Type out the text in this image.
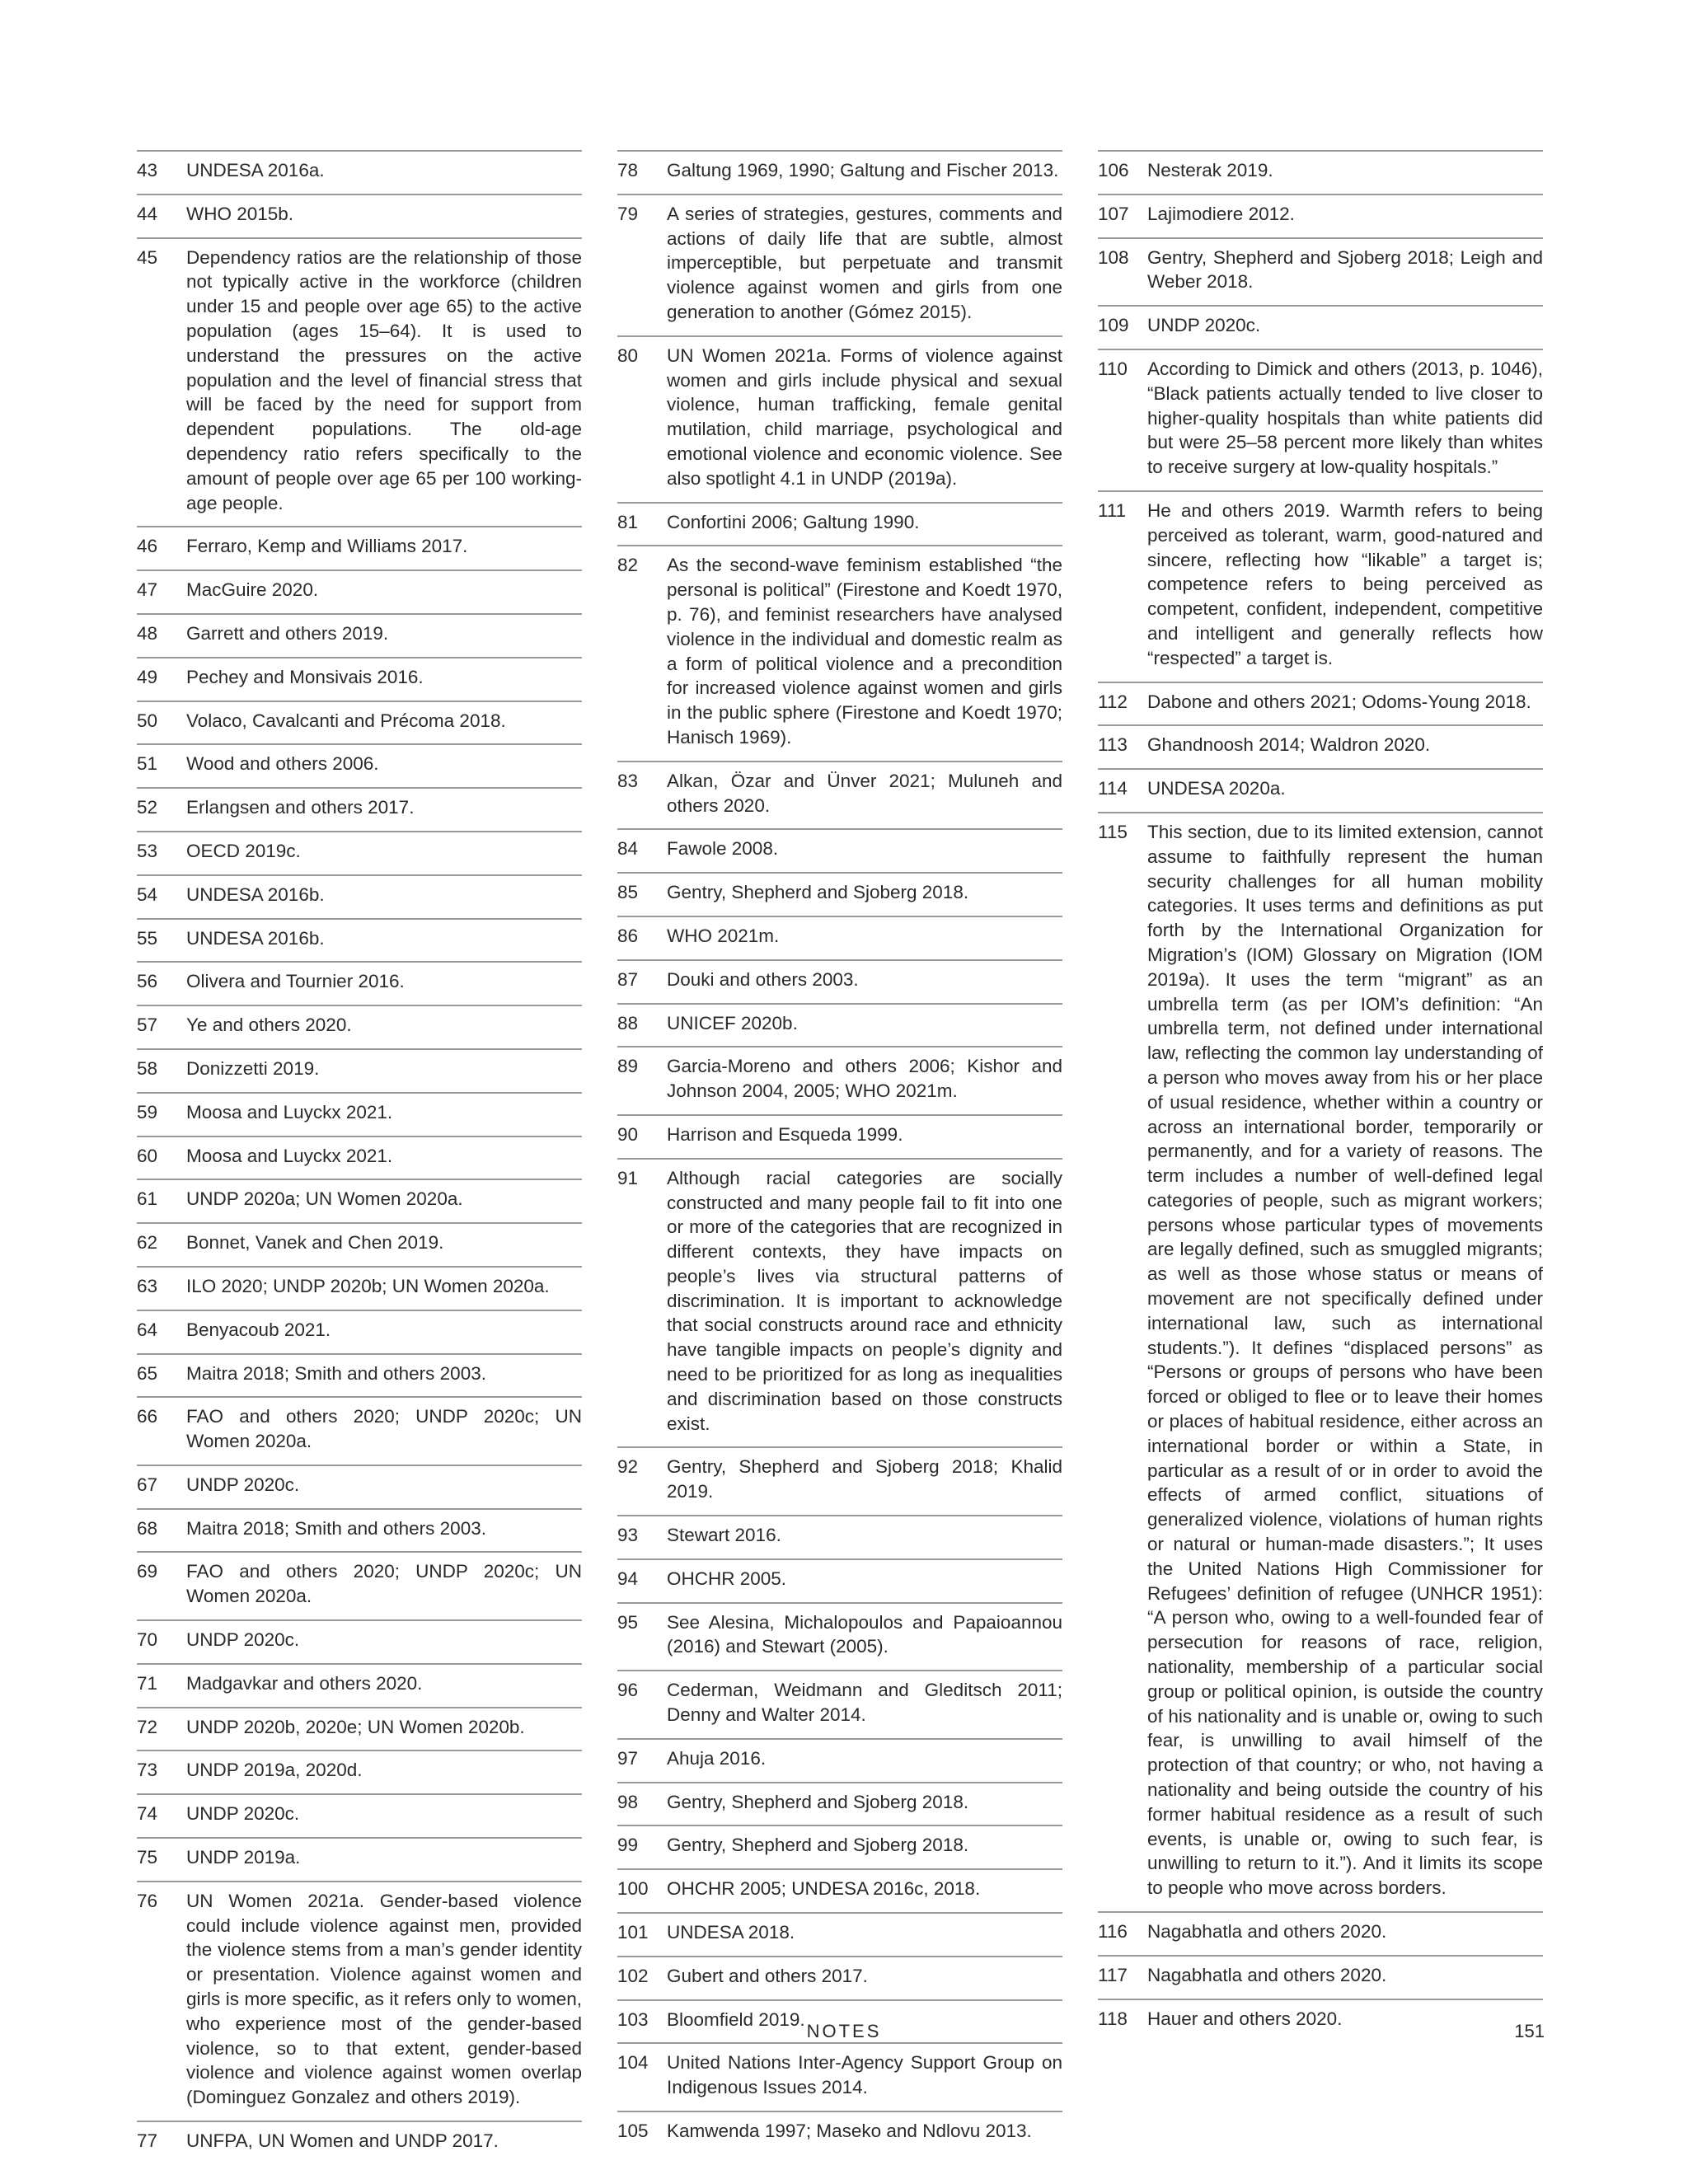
43	UNDESA 2016a.
44	WHO 2015b.
45	Dependency ratios are the relationship of those not typically active in the workforce (children under 15 and people over age 65) to the active population (ages 15–64). It is used to understand the pressures on the active population and the level of financial stress that will be faced by the need for support from dependent populations. The old-age dependency ratio refers specifically to the amount of people over age 65 per 100 working-age people.
46	Ferraro, Kemp and Williams 2017.
47	MacGuire 2020.
48	Garrett and others 2019.
49	Pechey and Monsivais 2016.
50	Volaco, Cavalcanti and Précoma 2018.
51	Wood and others 2006.
52	Erlangsen and others 2017.
53	OECD 2019c.
54	UNDESA 2016b.
55	UNDESA 2016b.
56	Olivera and Tournier 2016.
57	Ye and others 2020.
58	Donizzetti 2019.
59	Moosa and Luyckx 2021.
60	Moosa and Luyckx 2021.
61	UNDP 2020a; UN Women 2020a.
62	Bonnet, Vanek and Chen 2019.
63	ILO 2020; UNDP 2020b; UN Women 2020a.
64	Benyacoub 2021.
65	Maitra 2018; Smith and others 2003.
66	FAO and others 2020; UNDP 2020c; UN Women 2020a.
67	UNDP 2020c.
68	Maitra 2018; Smith and others 2003.
69	FAO and others 2020; UNDP 2020c; UN Women 2020a.
70	UNDP 2020c.
71	Madgavkar and others 2020.
72	UNDP 2020b, 2020e; UN Women 2020b.
73	UNDP 2019a, 2020d.
74	UNDP 2020c.
75	UNDP 2019a.
76	UN Women 2021a. Gender-based violence could include violence against men, provided the violence stems from a man’s gender identity or presentation. Violence against women and girls is more specific, as it refers only to women, who experience most of the gender-based violence, so to that extent, gender-based violence and violence against women overlap (Dominguez Gonzalez and others 2019).
77	UNFPA, UN Women and UNDP 2017.
78	Galtung 1969, 1990; Galtung and Fischer 2013.
79	A series of strategies, gestures, comments and actions of daily life that are subtle, almost imperceptible, but perpetuate and transmit violence against women and girls from one generation to another (Gómez 2015).
80	UN Women 2021a. Forms of violence against women and girls include physical and sexual violence, human trafficking, female genital mutilation, child marriage, psychological and emotional violence and economic violence. See also spotlight 4.1 in UNDP (2019a).
81	Confortini 2006; Galtung 1990.
82	As the second-wave feminism established “the personal is political” (Firestone and Koedt 1970, p. 76), and feminist researchers have analysed violence in the individual and domestic realm as a form of political violence and a precondition for increased violence against women and girls in the public sphere (Firestone and Koedt 1970; Hanisch 1969).
83	Alkan, Özar and Ünver 2021; Muluneh and others 2020.
84	Fawole 2008.
85	Gentry, Shepherd and Sjoberg 2018.
86	WHO 2021m.
87	Douki and others 2003.
88	UNICEF 2020b.
89	Garcia-Moreno and others 2006; Kishor and Johnson 2004, 2005; WHO 2021m.
90	Harrison and Esqueda 1999.
91	Although racial categories are socially constructed and many people fail to fit into one or more of the categories that are recognized in different contexts, they have impacts on people’s lives via structural patterns of discrimination. It is important to acknowledge that social constructs around race and ethnicity have tangible impacts on people’s dignity and need to be prioritized for as long as inequalities and discrimination based on those constructs exist.
92	Gentry, Shepherd and Sjoberg 2018; Khalid 2019.
93	Stewart 2016.
94	OHCHR 2005.
95	See Alesina, Michalopoulos and Papaioannou (2016) and Stewart (2005).
96	Cederman, Weidmann and Gleditsch 2011; Denny and Walter 2014.
97	Ahuja 2016.
98	Gentry, Shepherd and Sjoberg 2018.
99	Gentry, Shepherd and Sjoberg 2018.
100 OHCHR 2005; UNDESA 2016c, 2018.
101 UNDESA 2018.
102 Gubert and others 2017.
103 Bloomfield 2019.
104 United Nations Inter-Agency Support Group on Indigenous Issues 2014.
105 Kamwenda 1997; Maseko and Ndlovu 2013.
106 Nesterak 2019.
107 Lajimodiere 2012.
108 Gentry, Shepherd and Sjoberg 2018; Leigh and Weber 2018.
109 UNDP 2020c.
110	According to Dimick and others (2013, p. 1046), “Black patients actually tended to live closer to higher-quality hospitals than white patients did but were 25–58 percent more likely than whites to receive surgery at low-quality hospitals.”
111	He and others 2019. Warmth refers to being perceived as tolerant, warm, good-natured and sincere, reflecting how “likable” a target is; competence refers to being perceived as competent, confident, independent, competitive and intelligent and generally reflects how “respected” a target is.
112	Dabone and others 2021; Odoms-Young 2018.
113	Ghandnoosh 2014; Waldron 2020.
114	UNDESA 2020a.
115	This section, due to its limited extension, cannot assume to faithfully represent the human security challenges for all human mobility categories. It uses terms and definitions as put forth by the International Organization for Migration’s (IOM) Glossary on Migration (IOM 2019a). It uses the term “migrant” as an umbrella term (as per IOM’s definition: “An umbrella term, not defined under international law, reflecting the common lay understanding of a person who moves away from his or her place of usual residence, whether within a country or across an international border, temporarily or permanently, and for a variety of reasons. The term includes a number of well-defined legal categories of people, such as migrant workers; persons whose particular types of movements are legally defined, such as smuggled migrants; as well as those whose status or means of movement are not specifically defined under international law, such as international students.”). It defines “displaced persons” as “Persons or groups of persons who have been forced or obliged to flee or to leave their homes or places of habitual residence, either across an international border or within a State, in particular as a result of or in order to avoid the effects of armed conflict, situations of generalized violence, violations of human rights or natural or human-made disasters.”; It uses the United Nations High Commissioner for Refugees’ definition of refugee (UNHCR 1951): “A person who, owing to a well-founded fear of persecution for reasons of race, religion, nationality, membership of a particular social group or political opinion, is outside the country of his nationality and is unable or, owing to such fear, is unwilling to avail himself of the protection of that country; or who, not having a nationality and being outside the country of his former habitual residence as a result of such events, is unable or, owing to such fear, is unwilling to return to it.”). And it limits its scope to people who move across borders.
116	Nagabhatla and others 2020.
117	Nagabhatla and others 2020.
118	Hauer and others 2020.
NOTES	151
